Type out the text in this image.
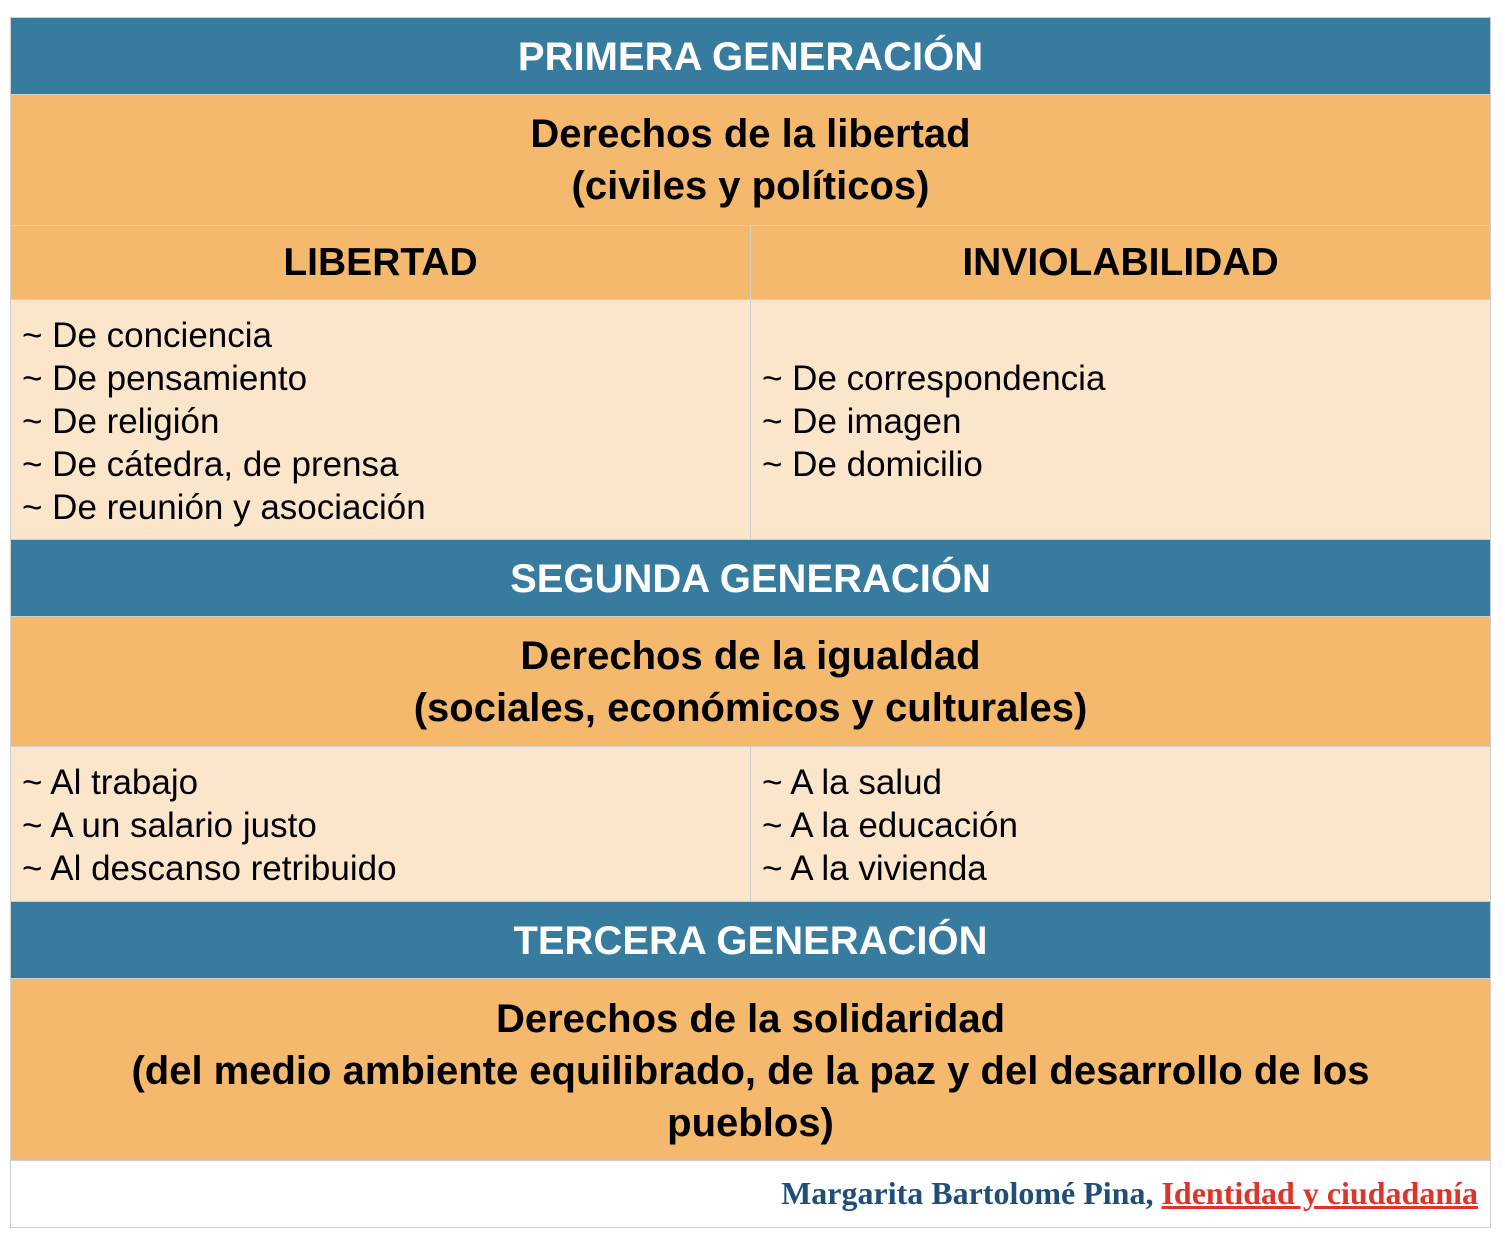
PRIMERA GENERACIÓN
Derechos de la libertad
(civiles y políticos)
LIBERTAD	INVIOLABILIDAD
~ De conciencia
~ De pensamiento
~ De religión
~ De cátedra, de prensa
~ De reunión y asociación
~ De correspondencia
~ De imagen
~ De domicilio
SEGUNDA GENERACIÓN
Derechos de la igualdad
(sociales, económicos y culturales)
~ Al trabajo
~ A un salario justo
~ Al descanso retribuido
~ A la salud
~ A la educación
~ A la vivienda
TERCERA GENERACIÓN
Derechos de la solidaridad
(del medio ambiente equilibrado, de la paz y del desarrollo de los
pueblos)
Margarita Bartolomé Pina, Identidad y ciudadanía
